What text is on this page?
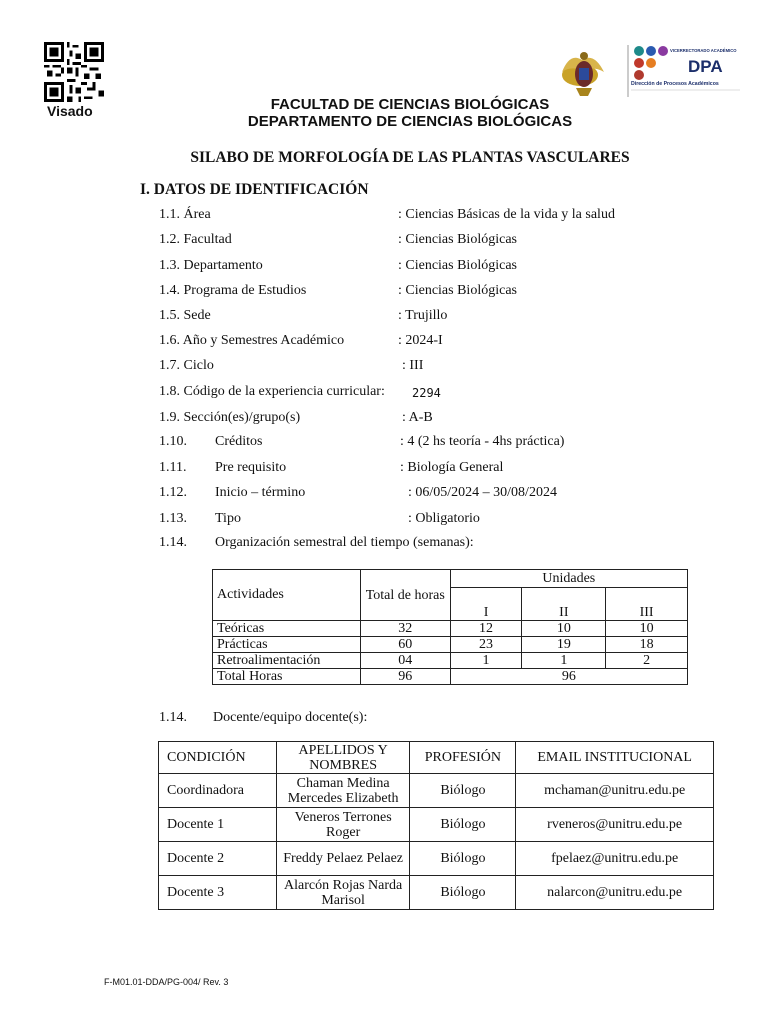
Visado
VICERRECTORADO ACADÉMICO
DPA
Dirección de Procesos Académicos
FACULTAD DE CIENCIAS BIOLÓGICAS
DEPARTAMENTO DE CIENCIAS BIOLÓGICAS
SILABO DE MORFOLOGÍA DE LAS PLANTAS VASCULARES
I. DATOS DE IDENTIFICACIÓN
1.1. Área	: Ciencias Básicas de la vida y la salud
1.2. Facultad	: Ciencias Biológicas
1.3. Departamento	: Ciencias Biológicas
1.4. Programa de Estudios	: Ciencias Biológicas
1.5. Sede	: Trujillo
1.6. Año y Semestres Académico	: 2024-I
1.7. Ciclo	: III
1.8. Código de la experiencia curricular: 2294
1.9. Sección(es)/grupo(s)	: A-B
1.10. Créditos	: 4 (2 hs teoría - 4hs práctica)
1.11. Pre requisito	: Biología General
1.12. Inicio – término	: 06/05/2024 – 30/08/2024
1.13. Tipo	: Obligatorio
1.14. Organización semestral del tiempo (semanas):
Actividades	Total de horas	Unidades		
		I	II	III
Teóricas	32	12	10	10
Prácticas	60	23	19	18
Retroalimentación	04	1	1	2
Total Horas	96	96		
1.14. Docente/equipo docente(s):
CONDICIÓN	APELLIDOS Y NOMBRES	PROFESIÓN	EMAIL INSTITUCIONAL
Coordinadora	Chaman Medina Mercedes Elizabeth	Biólogo	mchaman@unitru.edu.pe
Docente 1	Veneros Terrones Roger	Biólogo	rveneros@unitru.edu.pe
Docente 2	Freddy Pelaez Pelaez	Biólogo	fpelaez@unitru.edu.pe
Docente 3	Alarcón Rojas Narda Marisol	Biólogo	nalarcon@unitru.edu.pe
F-M01.01-DDA/PG-004/ Rev. 3
